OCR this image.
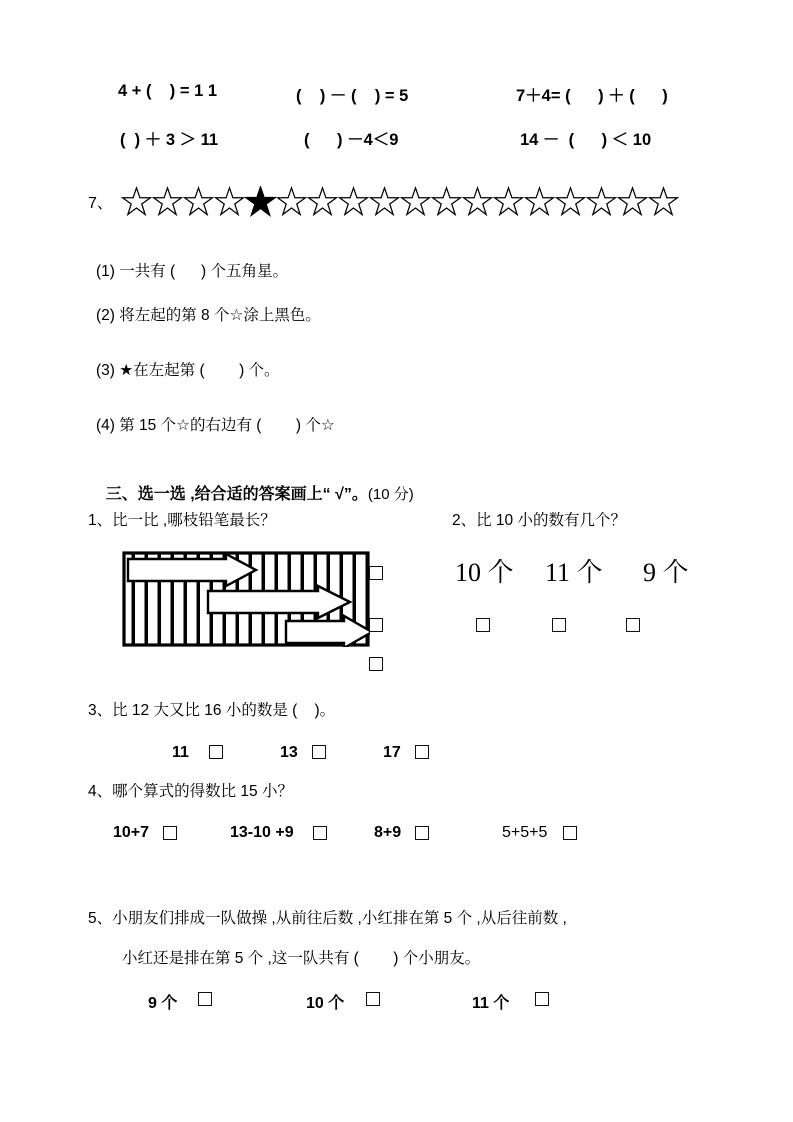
4 + (    ) = 1 1	(    ) － (    ) = 5	7＋4= (      ) ＋ (      )
(  ) ＋ 3 ＞ 11	(      ) －4＜9	14 －  (      ) ＜ 10
7、
(1) 一共有 (      ) 个五角星。
(2) 将左起的第 8 个☆涂上黑色。
(3) ★在左起第 (        ) 个。
(4) 第 15 个☆的右边有 (        ) 个☆

三、选一选 ,给合适的答案画上“ √”。(10 分)

1、比一比 ,哪枝铅笔最长？	2、比 10 小的数有几个？
10 个 11 个 9 个
3、比 12 大又比 16 小的数是 (    )。
11	13	17
4、哪个算式的得数比 15 小？
10+7	13-10 +9	8+9	5+5+5
5、小朋友们排成一队做操 ,从前往后数 ,小红排在第 5 个 ,从后往前数 ,
小红还是排在第 5 个 ,这一队共有 (        ) 个小朋友。
9 个	10 个	11 个
